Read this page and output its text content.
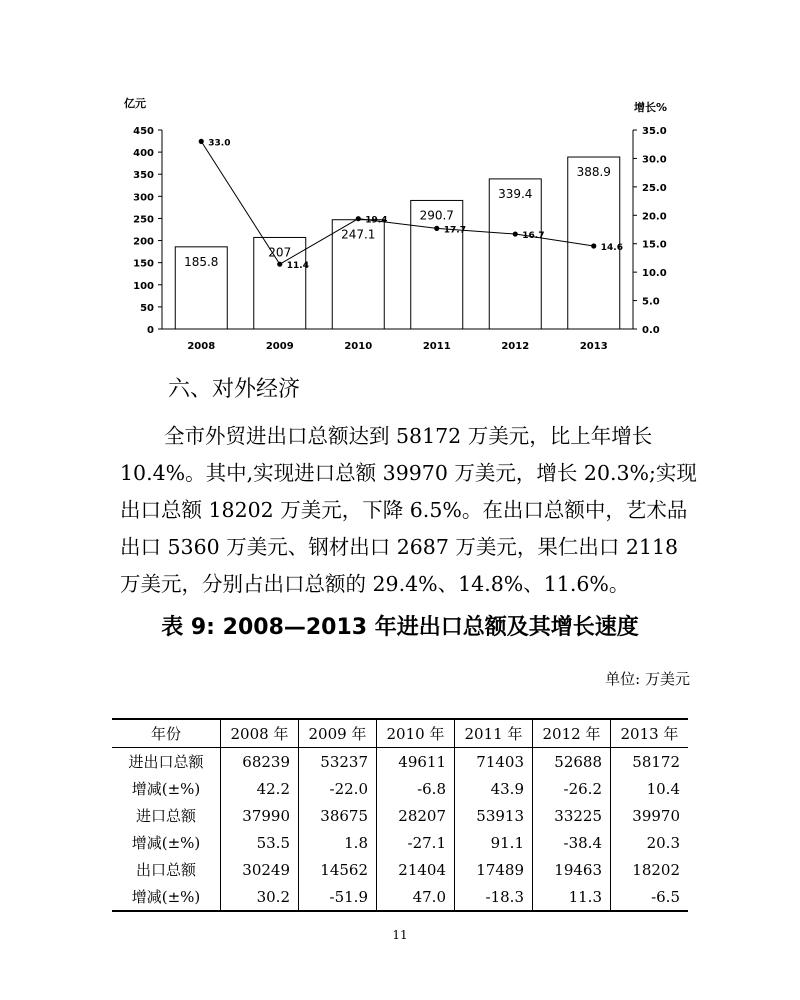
0
50
100
150
200
250
300
350
400
450
0.0
5.0
10.0
15.0
20.0
25.0
30.0
35.0
亿元	增长%
185.8
2008
207
2009
247.1
2010
290.7
2011
339.4
2012
388.9
2013
33.0
11.4
19.4
17.7
16.7
14.6
六、对外经济
全市外贸进出口总额达到 58172 万美元，比上年增长
10.4%。其中,实现进口总额 39970 万美元，增长 20.3%;实现
出口总额 18202 万美元，下降 6.5%。在出口总额中，艺术品
出口 5360 万美元、钢材出口 2687 万美元，果仁出口 2118
万美元，分别占出口总额的 29.4%、14.8%、11.6%。
表 9: 2008—2013 年进出口总额及其增长速度
单位: 万美元
年份	2008 年	2009 年	2010 年	2011 年	2012 年	2013 年
进出口总额	68239	53237	49611	71403	52688	58172
增减(±%)	42.2	-22.0	-6.8	43.9	-26.2	10.4
进口总额	37990	38675	28207	53913	33225	39970
增减(±%)	53.5	1.8	-27.1	91.1	-38.4	20.3
出口总额	30249	14562	21404	17489	19463	18202
增减(±%)	30.2	-51.9	47.0	-18.3	11.3	-6.5
11
